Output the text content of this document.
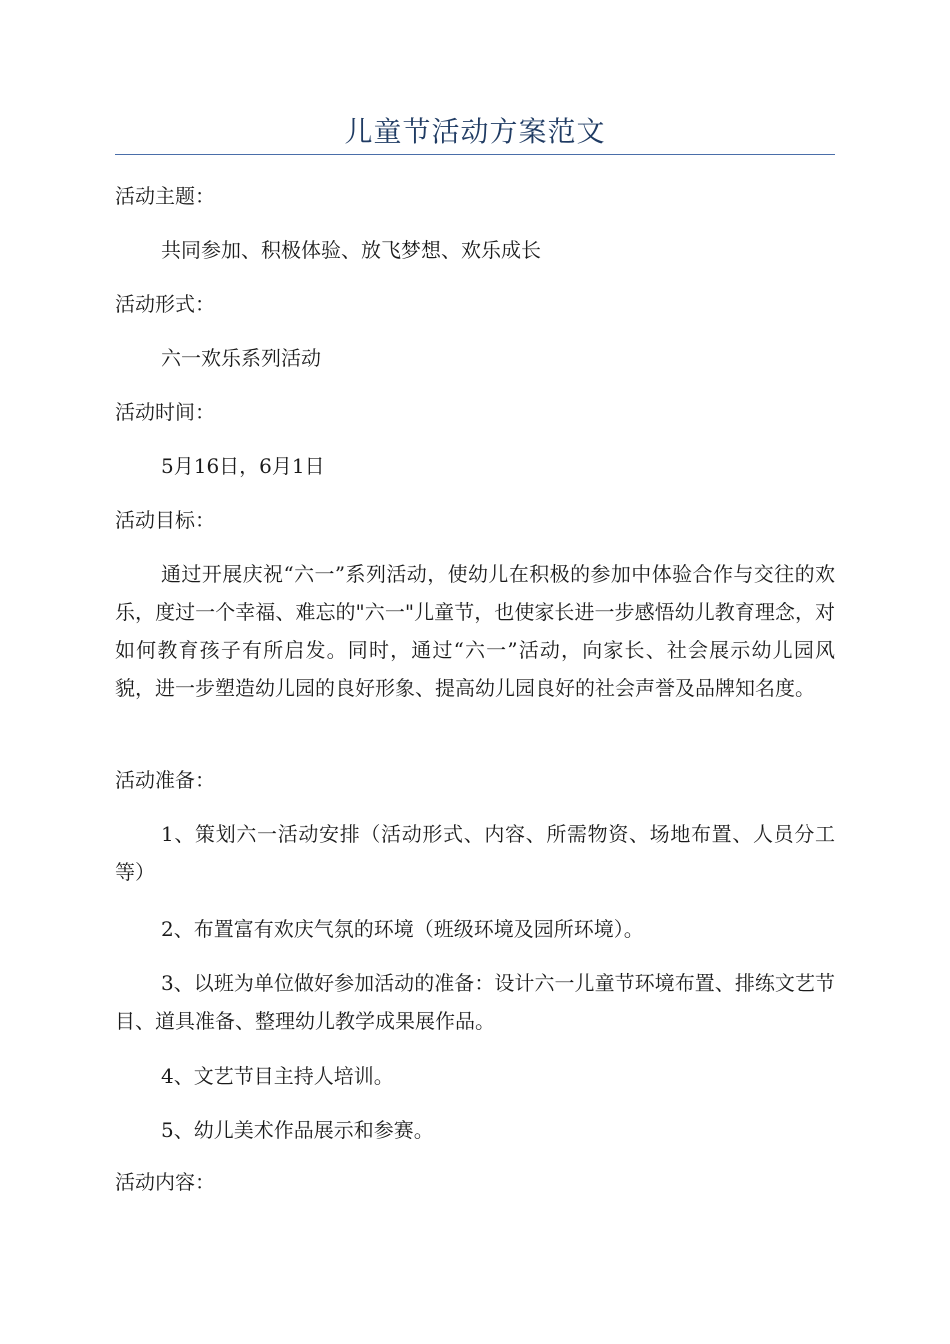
儿童节活动方案范文
活动主题：
共同参加、积极体验、放飞梦想、欢乐成长
活动形式：
六一欢乐系列活动
活动时间：
5月16日，6月1日
活动目标：
通过开展庆祝“六一”系列活动，使幼儿在积极的参加中体验合作与交往的欢乐，度过一个幸福、难忘的"六一"儿童节，也使家长进一步感悟幼儿教育理念，对如何教育孩子有所启发。同时，通过“六一”活动，向家长、社会展示幼儿园风貌，进一步塑造幼儿园的良好形象、提高幼儿园良好的社会声誉及品牌知名度。
活动准备：
1、策划六一活动安排（活动形式、内容、所需物资、场地布置、人员分工等）
2、布置富有欢庆气氛的环境（班级环境及园所环境）。
3、以班为单位做好参加活动的准备：设计六一儿童节环境布置、排练文艺节目、道具准备、整理幼儿教学成果展作品。
4、文艺节目主持人培训。
5、幼儿美术作品展示和参赛。
活动内容：
